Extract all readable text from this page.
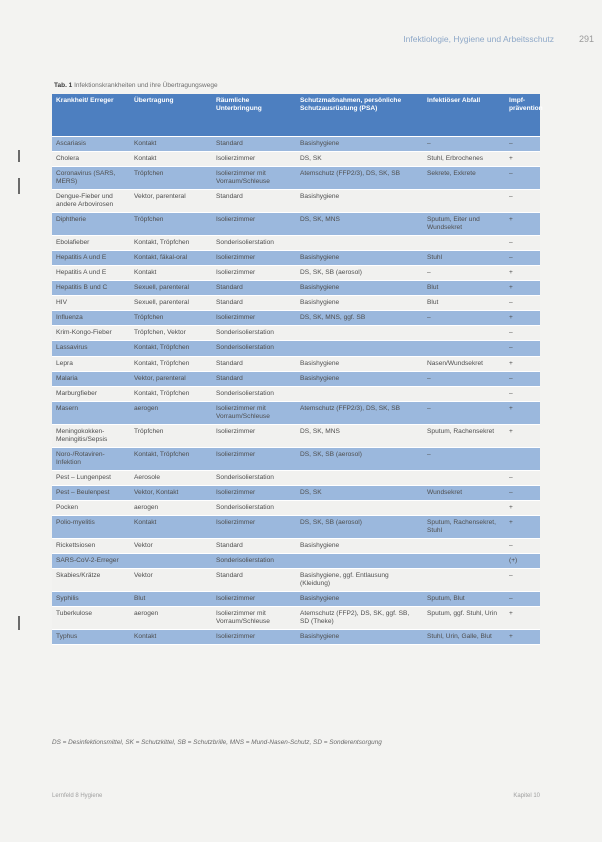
Infektiologie, Hygiene und Arbeitsschutz	291
Tab. 1 Infektionskrankheiten und ihre Übertragungswege
Krankheit/ Erreger	Übertragung	Räumliche Unterbringung	Schutzmaßnahmen, persönliche Schutzausrüstung (PSA)	Infektiöser Abfall	Impf-prävention
Ascariasis	Kontakt	Standard	Basishygiene	–	–
Cholera	Kontakt	Isolierzimmer	DS, SK	Stuhl, Erbrochenes	+
Coronavirus (SARS, MERS)	Tröpfchen	Isolierzimmer mit Vorraum/Schleuse	Atemschutz (FFP2/3), DS, SK, SB	Sekrete, Exkrete	–
Dengue-Fieber und andere Arbovirosen	Vektor, parenteral	Standard	Basishygiene		–
Diphtherie	Tröpfchen	Isolierzimmer	DS, SK, MNS	Sputum, Eiter und Wundsekret	+
Ebolafieber	Kontakt, Tröpfchen	Sonderisolierstation			–
Hepatitis A und E	Kontakt, fäkal-oral	Isolierzimmer	Basishygiene	Stuhl	–
Hepatitis A und E	Kontakt	Isolierzimmer	DS, SK, SB (aerosol)	–	+
Hepatitis B und C	Sexuell, parenteral	Standard	Basishygiene	Blut	+
HIV	Sexuell, parenteral	Standard	Basishygiene	Blut	–
Influenza	Tröpfchen	Isolierzimmer	DS, SK, MNS, ggf. SB	–	+
Krim-Kongo-Fieber	Tröpfchen, Vektor	Sonderisolierstation			–
Lassavirus	Kontakt, Tröpfchen	Sonderisolierstation			–
Lepra	Kontakt, Tröpfchen	Standard	Basishygiene	Nasen/Wundsekret	+
Malaria	Vektor, parenteral	Standard	Basishygiene	–	–
Marburgfieber	Kontakt, Tröpfchen	Sonderisolierstation			–
Masern	aerogen	Isolierzimmer mit Vorraum/Schleuse	Atemschutz (FFP2/3), DS, SK, SB	–	+
Meningokokken-Meningitis/Sepsis	Tröpfchen	Isolierzimmer	DS, SK, MNS	Sputum, Rachensekret	+
Noro-/Rotaviren-Infektion	Kontakt, Tröpfchen	Isolierzimmer	DS, SK, SB (aerosol)	–	
Pest – Lungenpest	Aerosole	Sonderisolierstation			–
Pest – Beulenpest	Vektor, Kontakt	Isolierzimmer	DS, SK	Wundsekret	–
Pocken	aerogen	Sonderisolierstation			+
Polio-myelitis	Kontakt	Isolierzimmer	DS, SK, SB (aerosol)	Sputum, Rachensekret, Stuhl	+
Rickettsiosen	Vektor	Standard	Basishygiene		–
SARS-CoV-2-Erreger		Sonderisolierstation			(+)
Skabies/Krätze	Vektor	Standard	Basishygiene, ggf. Entlausung (Kleidung)		–
Syphilis	Blut	Isolierzimmer	Basishygiene	Sputum, Blut	–
Tuberkulose	aerogen	Isolierzimmer mit Vorraum/Schleuse	Atemschutz (FFP2), DS, SK, ggf. SB, SD (Theke)	Sputum, ggf. Stuhl, Urin	+
Typhus	Kontakt	Isolierzimmer	Basishygiene	Stuhl, Urin, Galle, Blut	+
DS = Desinfektionsmittel, SK = Schutzkittel, SB = Schutzbrille, MNS = Mund-Nasen-Schutz, SD = Sonderentsorgung
Lernfeld 8 Hygiene	Kapitel 10
